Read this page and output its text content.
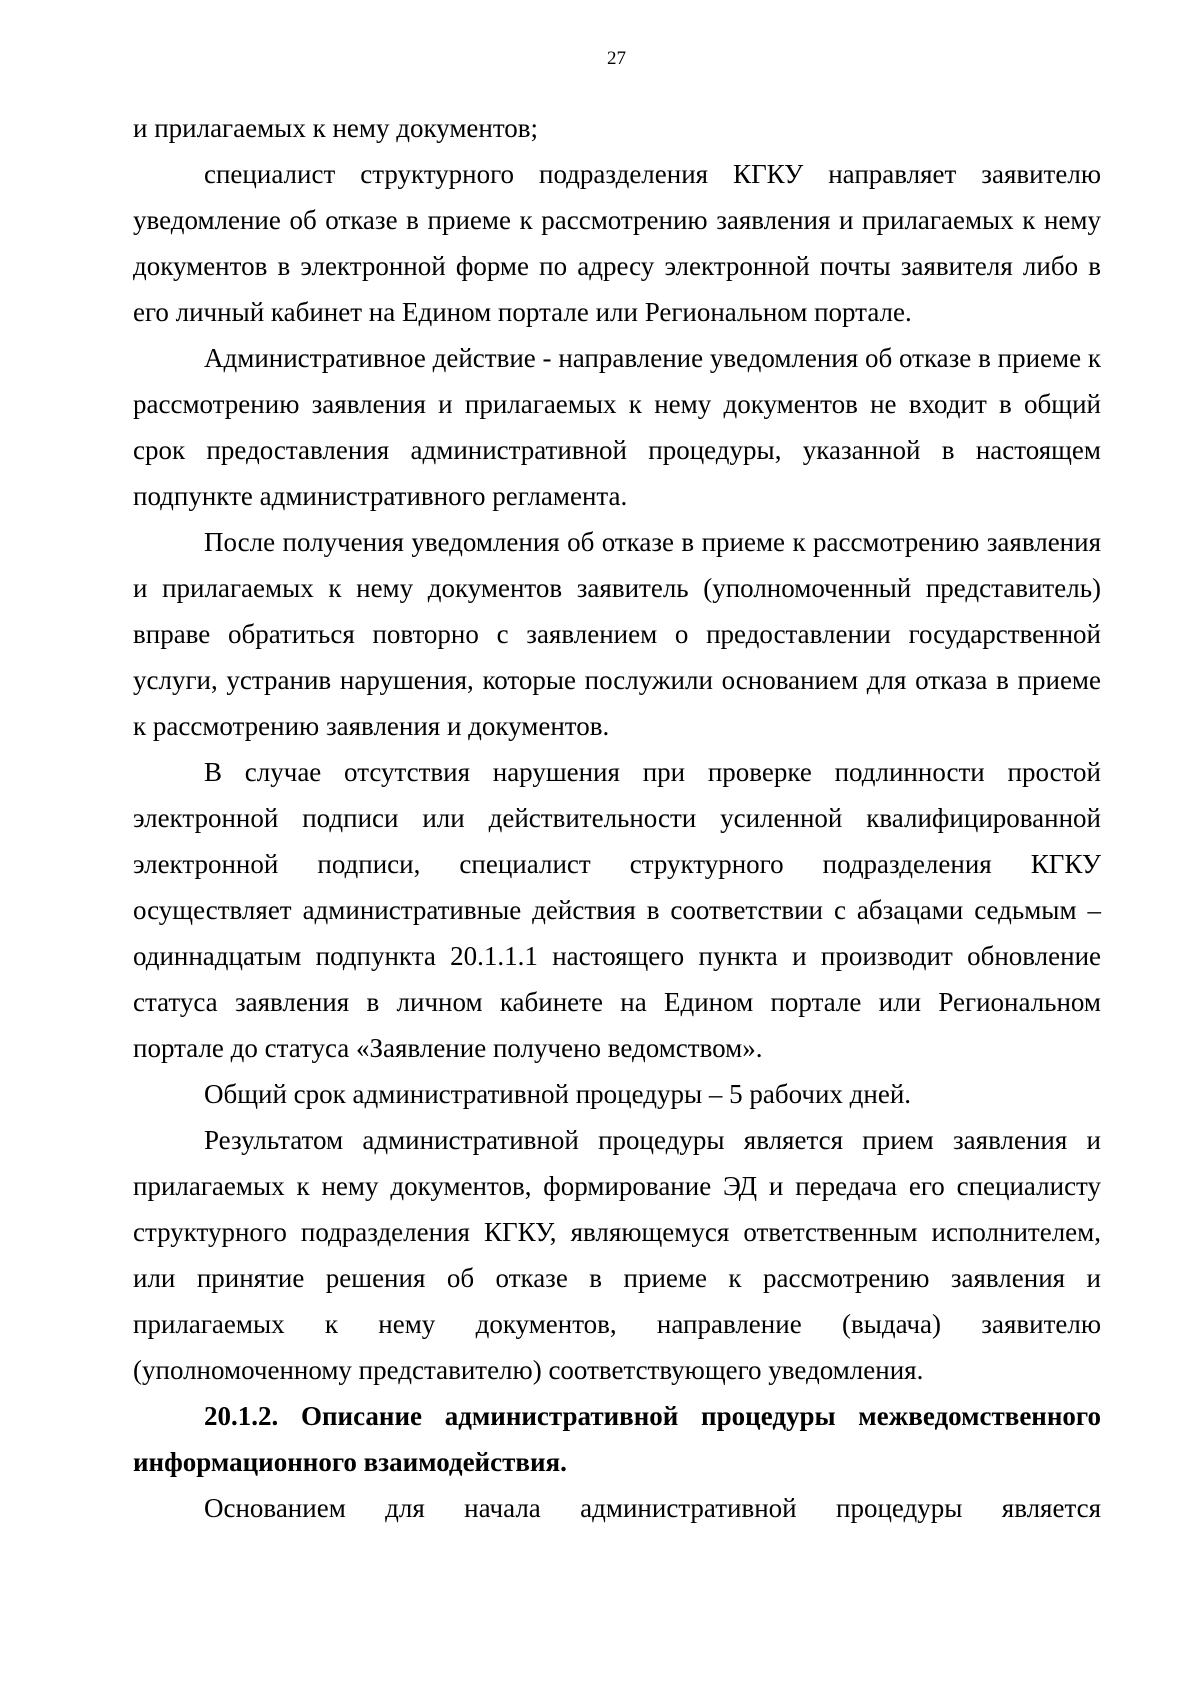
27

и прилагаемых к нему документов;

специалист структурного подразделения КГКУ направляет заявителю уведомление об отказе в приеме к рассмотрению заявления и прилагаемых к нему документов в электронной форме по адресу электронной почты заявителя либо в его личный кабинет на Едином портале или Региональном портале.

Административное действие - направление уведомления об отказе в приеме к рассмотрению заявления и прилагаемых к нему документов не входит в общий срок предоставления административной процедуры, указанной в настоящем подпункте административного регламента.

После получения уведомления об отказе в приеме к рассмотрению заявления и прилагаемых к нему документов заявитель (уполномоченный представитель) вправе обратиться повторно с заявлением о предоставлении государственной услуги, устранив нарушения, которые послужили основанием для отказа в приеме к рассмотрению заявления и документов.

В случае отсутствия нарушения при проверке подлинности простой электронной подписи или действительности усиленной квалифицированной электронной подписи, специалист структурного подразделения КГКУ осуществляет административные действия в соответствии с абзацами седьмым – одиннадцатым подпункта 20.1.1.1 настоящего пункта и производит обновление статуса заявления в личном кабинете на Едином портале или Региональном портале до статуса «Заявление получено ведомством».

Общий срок административной процедуры – 5 рабочих дней.

Результатом административной процедуры является прием заявления и прилагаемых к нему документов, формирование ЭД и передача его специалисту структурного подразделения КГКУ, являющемуся ответственным исполнителем, или принятие решения об отказе в приеме к рассмотрению заявления и прилагаемых к нему документов, направление (выдача) заявителю (уполномоченному представителю) соответствующего уведомления.

20.1.2. Описание административной процедуры межведомственного информационного взаимодействия.

Основанием для начала административной процедуры является
